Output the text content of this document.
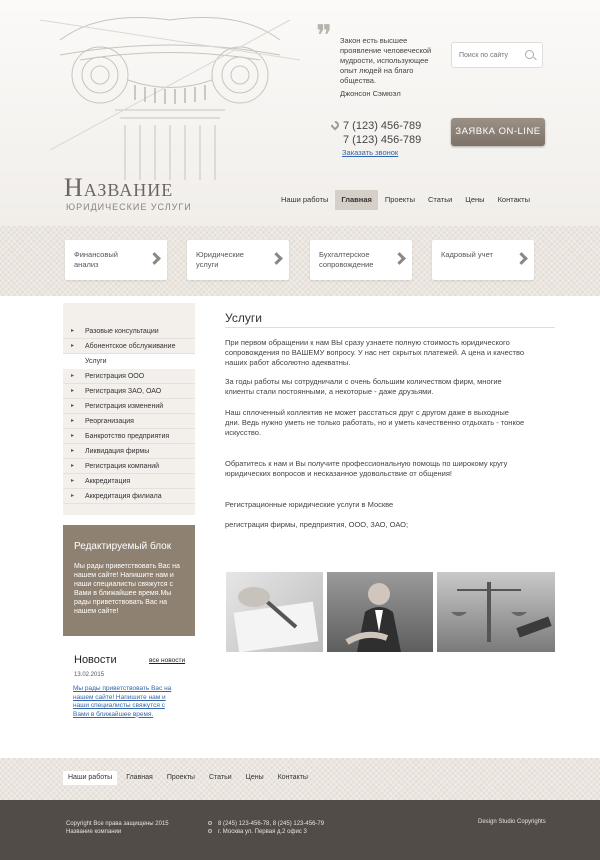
Название
ЮРИДИЧЕСКИЕ УСЛУГИ
❞ Закон есть высшее проявление человеческой мудрости, использующее опыт людей на благо общества.
Джонсон Сэмюэл
Поиск по сайту
7 (123) 456-789
7 (123) 456-789
Заказать звонок
ЗАЯВКА ON-LINE
Наши работы	Главная	Проекты	Статьи	Цены	Контакты
Финансовый анализ
Юридические услуги
Бухгалтерское сопровождение
Кадровый учет
▸ Разовые консультации
▸ Абонентское обслуживание
Услуги
▸ Регистрация ООО
▸ Регистрация ЗАО, ОАО
▸ Регистрация изменений
▸ Реорганизация
▸ Банкротство предприятия
▸ Ликвидация фирмы
▸ Регистрация компаний
▸ Аккредитация
▸ Аккредитация филиала
Редактируемый блок
Мы рады приветствовать Вас на нашем сайте! Напишите нам и наши специалисты свяжутся с Вами в ближайшее время.Мы рады приветствовать Вас на нашем сайте!
Новости	все новости
13.02.2015
Мы рады приветствовать Вас на нашем сайте! Напишите нам и наши специалисты свяжутся с Вами в ближайшее время.
Услуги
При первом обращении к нам ВЫ сразу узнаете полную стоимость юридического сопровождения по ВАШЕМУ вопросу. У нас нет скрытых платежей. А цена и качество наших работ абсолютно адекватны.
За годы работы мы сотрудничали с очень большим количеством фирм, многие клиенты стали постоянными, а некоторые - даже друзьями.
Наш сплоченный коллектив не может расстаться друг с другом даже в выходные дни. Ведь нужно уметь не только работать, но и уметь качественно отдыхать - тонкое искусство.
Обратитесь к нам и Вы получите профессиональную помощь по широкому кругу юридических вопросов и несказанное удовольствие от общения!
Регистрационные юридические услуги в Москве
регистрация фирмы, предприятия, ООО, ЗАО, ОАО;
Наши работы	Главная	Проекты	Статьи	Цены	Контакты
Copyright Все права защищены 2015
Название компании
8 (245) 123-456-78, 8 (245) 123-456-79
г. Москва ул. Первая д.2 офис 3
Design Studio Copyrights
